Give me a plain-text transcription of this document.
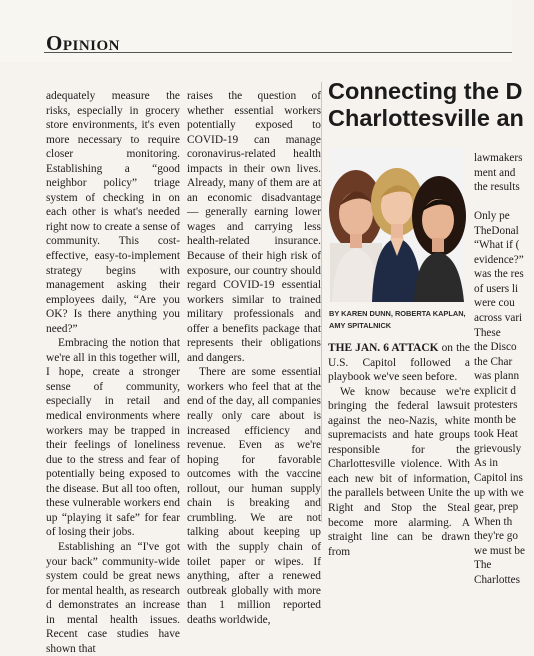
Opinion

adequately measure the risks, especially in grocery store environments, it's even more necessary to require closer monitoring. Establishing a “good neighbor policy” triage system of checking in on each other is what's needed right now to create a sense of community. This cost-effective, easy-to-implement strategy begins with management asking their employees daily, “Are you OK? Is there anything you need?”

Embracing the notion that we're all in this together will, I hope, create a stronger sense of community, especially in retail and medical environments where workers may be trapped in their feelings of loneliness due to the stress and fear of potentially being exposed to the disease. But all too often, these vulnerable workers end up “playing it safe” for fear of losing their jobs.

Establishing an “I've got your back” community-wide system could be great news for mental health, as research d demonstrates an increase in mental health issues. Recent case studies have shown that

raises the question of whether essential workers potentially exposed to COVID-19 can manage coronavirus-related health impacts in their own lives. Already, many of them are at an economic disadvantage — generally earning lower wages and carrying less health-related insurance. Because of their high risk of exposure, our country should regard COVID-19 essential workers similar to trained military professionals and offer a benefits package that represents their obligations and dangers.

There are some essential workers who feel that at the end of the day, all companies really only care about is increased efficiency and revenue. Even as we're hoping for favorable outcomes with the vaccine rollout, our human supply chain is breaking and crumbling. We are not talking about keeping up with the supply chain of toilet paper or wipes. If anything, after a renewed outbreak globally with more than 1 million reported deaths worldwide,

Connecting the D
Charlottesville an
BY KAREN DUNN, ROBERTA KAPLAN,
AMY SPITALNICK

THE JAN. 6 ATTACK on the U.S. Capitol followed a playbook we've seen before.

We know because we're bringing the federal lawsuit against the neo-Nazis, white supremacists and hate groups responsible for the Charlottesville violence. With each new bit of information, the parallels between Unite the Right and Stop the Steal become more alarming. A straight line can be drawn from

lawmakers
ment and
the results
Only pe
TheDonal
“What if (
evidence?”
was the res
of users li
were cou
across vari
These
the Disco
the Char
was plann
explicit d
protesters
month be
took Heat
grievously
As in
Capitol ins
up with we
gear, prep
When th
they're go
we must be
The
Charlottes
